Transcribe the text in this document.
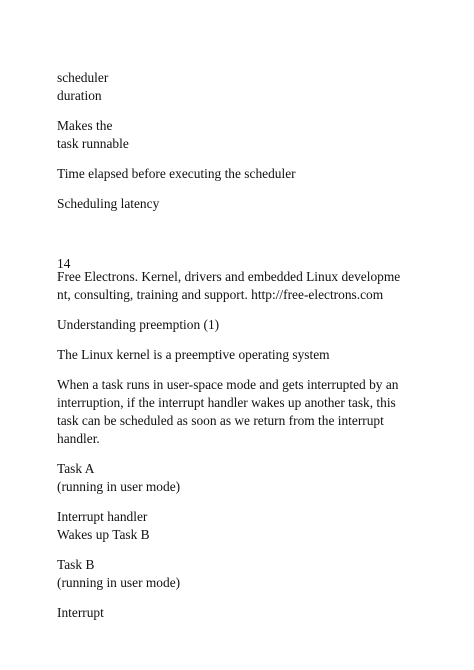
scheduler
duration
Makes the
task runnable
Time elapsed before executing the scheduler
Scheduling latency
14
Free Electrons. Kernel, drivers and embedded Linux developme
nt, consulting, training and support. http://free-electrons.com
Understanding preemption (1)
The Linux kernel is a preemptive operating system
When a task runs in user-space mode and gets interrupted by an
interruption, if the interrupt handler wakes up another task, this
task can be scheduled as soon as we return from the interrupt
handler.
Task A
(running in user mode)
Interrupt handler
Wakes up Task B
Task B
(running in user mode)
Interrupt
